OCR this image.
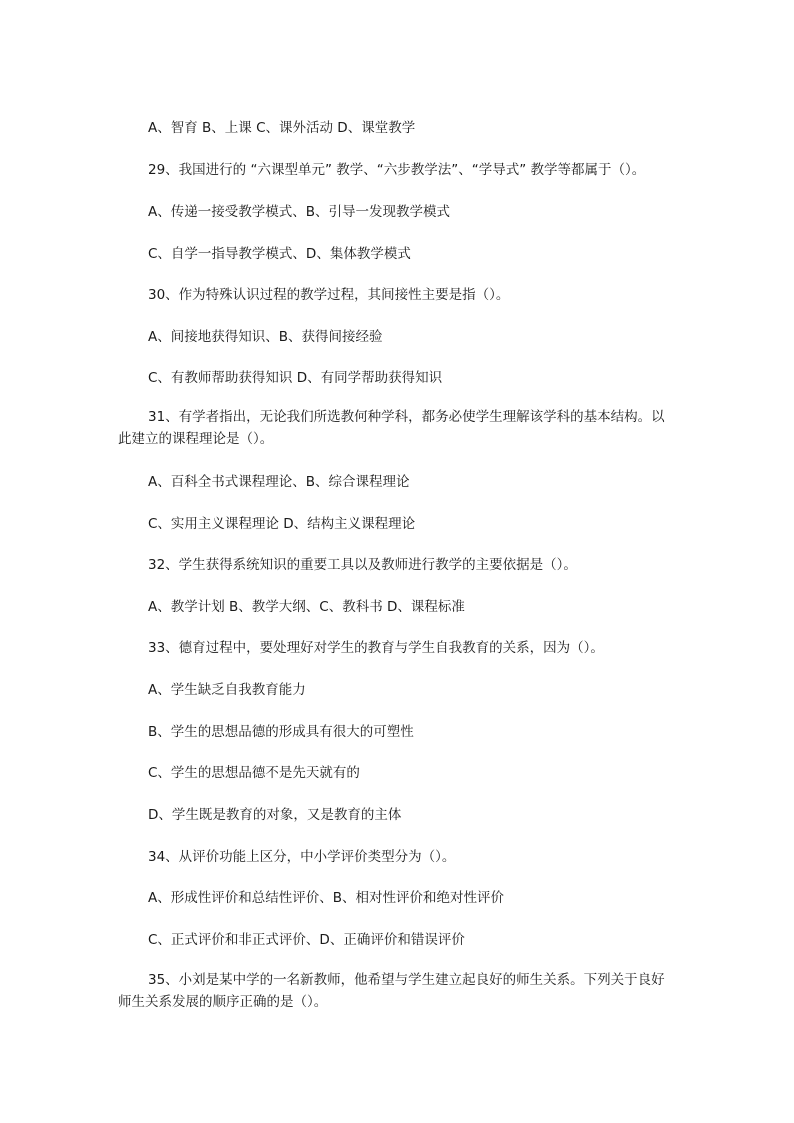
A、智育 B、上课 C、课外活动 D、课堂教学
29、我国进行的 “六课型单元” 教学、“六步教学法”、“学导式” 教学等都属于（）。
A、传递一接受教学模式、B、引导一发现教学模式
C、自学一指导教学模式、D、集体教学模式
30、作为特殊认识过程的教学过程，其间接性主要是指（）。
A、间接地获得知识、B、获得间接经验
C、有教师帮助获得知识 D、有同学帮助获得知识
31、有学者指出，无论我们所选教何种学科，都务必使学生理解该学科的基本结构。以此建立的课程理论是（）。
A、百科全书式课程理论、B、综合课程理论
C、实用主义课程理论 D、结构主义课程理论
32、学生获得系统知识的重要工具以及教师进行教学的主要依据是（）。
A、教学计划 B、教学大纲、C、教科书 D、课程标准
33、德育过程中，要处理好对学生的教育与学生自我教育的关系，因为（）。
A、学生缺乏自我教育能力
B、学生的思想品德的形成具有很大的可塑性
C、学生的思想品德不是先天就有的
D、学生既是教育的对象，又是教育的主体
34、从评价功能上区分，中小学评价类型分为（）。
A、形成性评价和总结性评价、B、相对性评价和绝对性评价
C、正式评价和非正式评价、D、正确评价和错误评价
35、小刘是某中学的一名新教师，他希望与学生建立起良好的师生关系。下列关于良好师生关系发展的顺序正确的是（）。
